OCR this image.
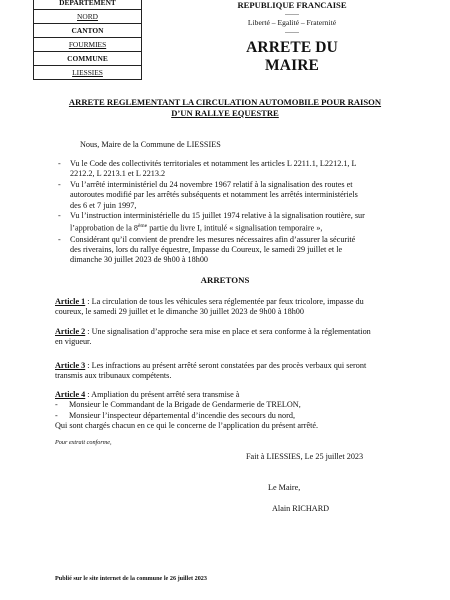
DEPARTEMENT
NORD
CANTON
FOURMIES
COMMUNE
LIESSIES
REPUBLIQUE FRANCAISE
-------
Liberté – Egalité – Fraternité
-------
ARRETE DU MAIRE
ARRETE REGLEMENTANT LA CIRCULATION AUTOMOBILE POUR RAISON
D’UN RALLYE EQUESTRE
Nous, Maire de la Commune de LIESSIES
- Vu le Code des collectivités territoriales et notamment les articles L 2211.1, L2212.1, L
2212.2, L 2213.1 et L 2213.2
- Vu l’arrêté interministériel du 24 novembre 1967 relatif à la signalisation des routes et
autoroutes modifié par les arrêtés subséquents et notamment les arrêtés interministériels
des 6 et 7 juin 1997,
- Vu l’instruction interministérielle du 15 juillet 1974 relative à la signalisation routière, sur
l’approbation de la 8ème partie du livre I, intitulé « signalisation temporaire »,
- Considérant qu’il convient de prendre les mesures nécessaires afin d’assurer la sécurité
des riverains, lors du rallye équestre, Impasse du Coureux, le samedi 29 juillet et le
dimanche 30 juillet 2023 de 9h00 à 18h00
ARRETONS
Article 1 : La circulation de tous les véhicules sera réglementée par feux tricolore, impasse du
coureux, le samedi 29 juillet et le dimanche 30 juillet 2023 de 9h00 à 18h00
Article 2 : Une signalisation d’approche sera mise en place et sera conforme à la réglementation
en vigueur.
Article 3 : Les infractions au présent arrêté seront constatées par des procès verbaux qui seront
transmis aux tribunaux compétents.
Article 4 : Ampliation du présent arrêté sera transmise à
- Monsieur le Commandant de la Brigade de Gendarmerie de TRELON,
- Monsieur l’inspecteur départemental d’incendie des secours du nord,
Qui sont chargés chacun en ce qui le concerne de l’application du présent arrêté.
Pour extrait conforme,
Fait à LIESSIES, Le 25 juillet 2023
Le Maire,
Alain RICHARD
Publié sur le site internet de la commune le 26 juillet 2023
